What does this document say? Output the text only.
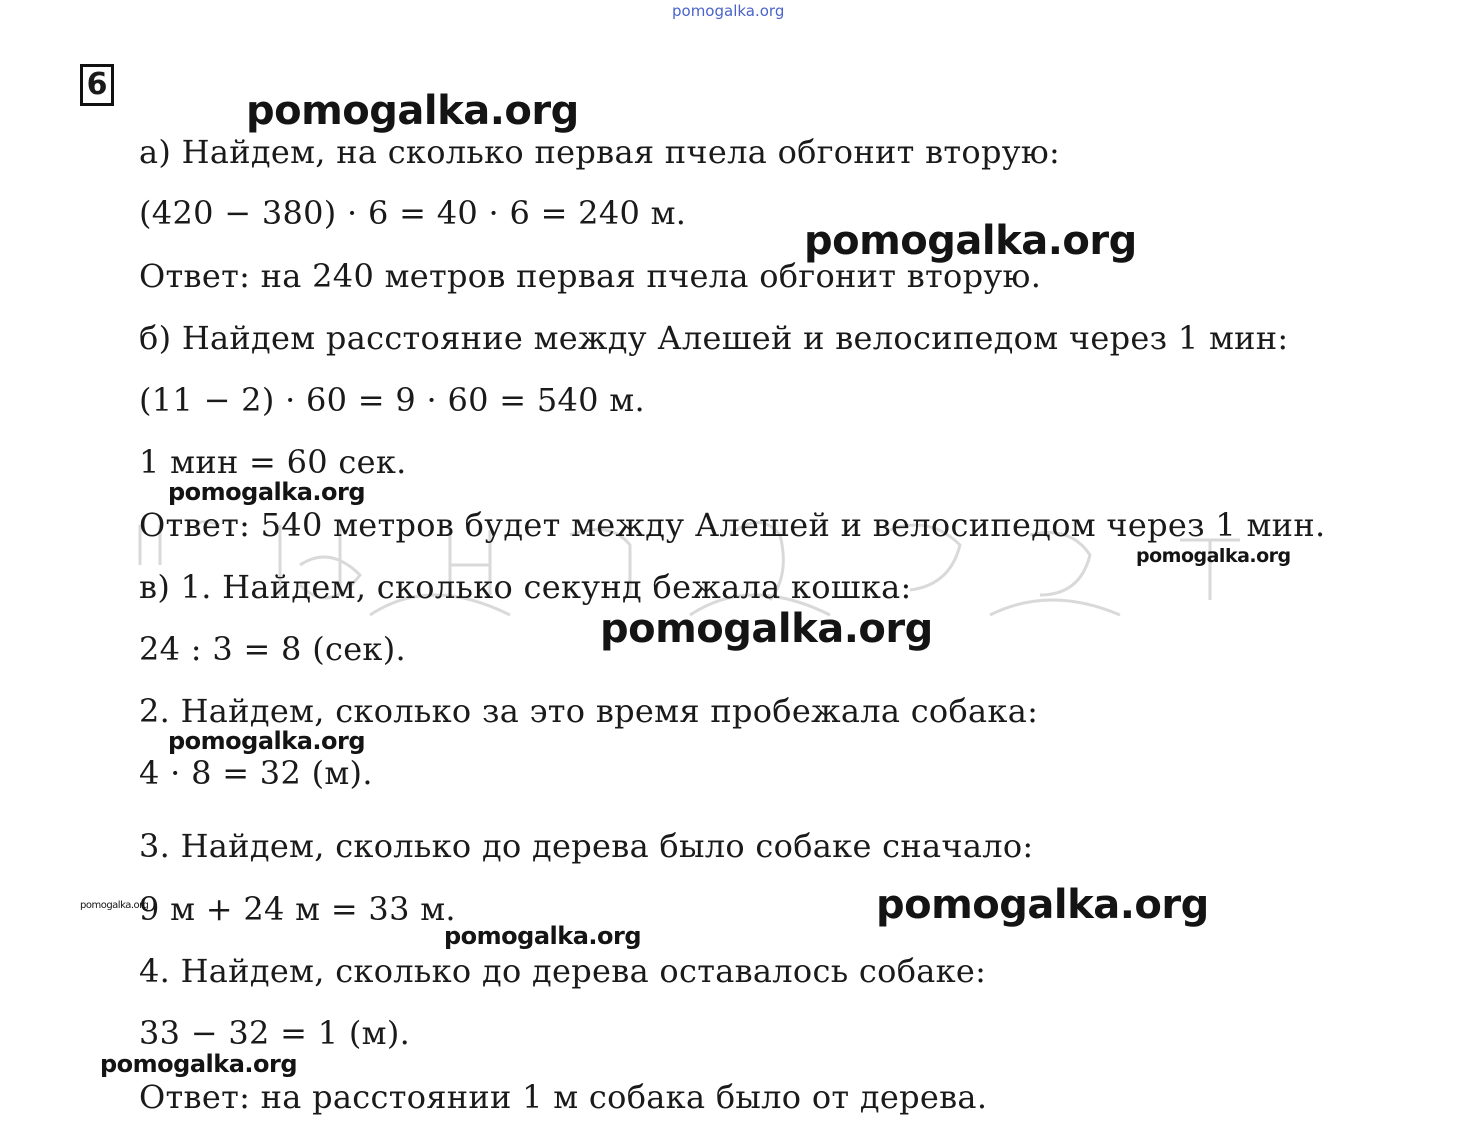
pomogalka.org
6
а) Найдем, на сколько первая пчела обгонит вторую:
(420 − 380) · 6 = 40 · 6 = 240 м.
Ответ: на 240 метров первая пчела обгонит вторую.
б) Найдем расстояние между Алешей и велосипедом через 1 мин:
(11 − 2) · 60 = 9 · 60 = 540 м.
1 мин = 60 сек.
Ответ: 540 метров будет между Алешей и велосипедом через 1 мин.
в) 1. Найдем, сколько секунд бежала кошка:
24 : 3 = 8 (сек).
2. Найдем, сколько за это время пробежала собака:
4 · 8 = 32 (м).
3. Найдем, сколько до дерева было собаке сначало:
9 м + 24 м = 33 м.
4. Найдем, сколько до дерева оставалось собаке:
33 − 32 = 1 (м).
Ответ: на расстоянии 1 м собака было от дерева.
pomogalka.org
pomogalka.org
pomogalka.org
pomogalka.org
pomogalka.org
pomogalka.org
pomogalka.org	pomogalka.org
pomogalka.org
pomogalka.org
